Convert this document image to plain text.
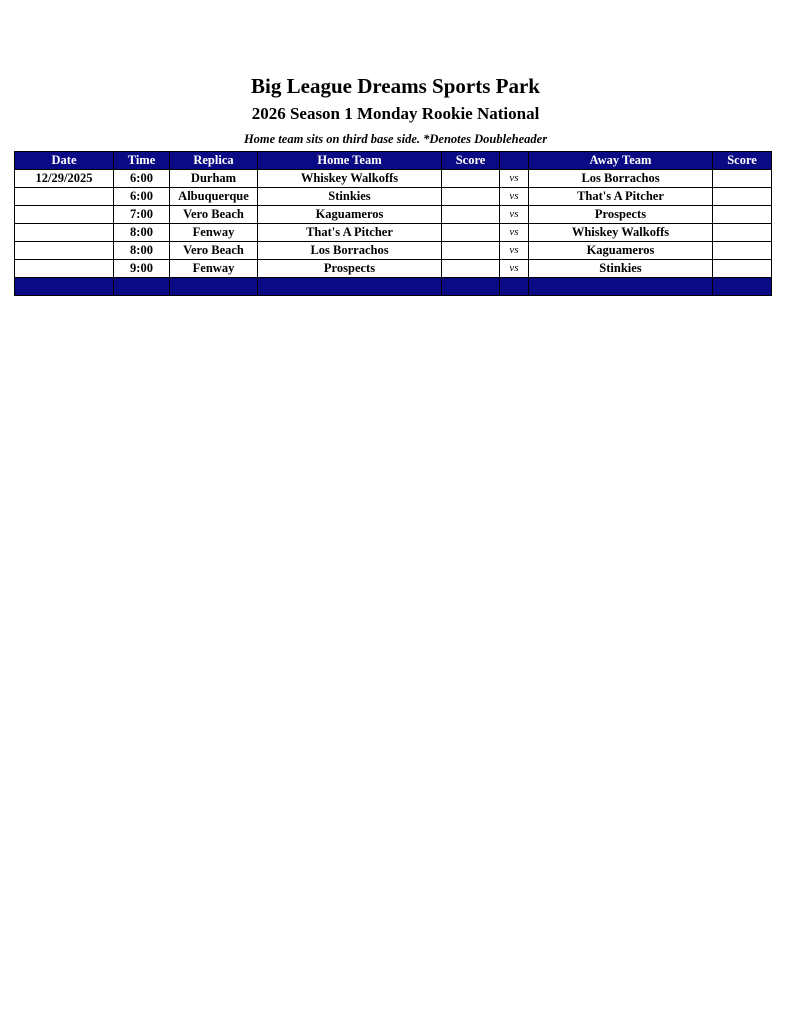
Big League Dreams Sports Park
2026 Season 1 Monday Rookie National
Home team sits on third base side. *Denotes Doubleheader
Date	Time	Replica	Home Team	Score		Away Team	Score
12/29/2025	6:00	Durham	Whiskey Walkoffs		vs	Los Borrachos	
	6:00	Albuquerque	Stinkies		vs	That's A Pitcher	
	7:00	Vero Beach	Kaguameros		vs	Prospects	
	8:00	Fenway	That's A Pitcher		vs	Whiskey Walkoffs	
	8:00	Vero Beach	Los Borrachos		vs	Kaguameros	
	9:00	Fenway	Prospects		vs	Stinkies	
